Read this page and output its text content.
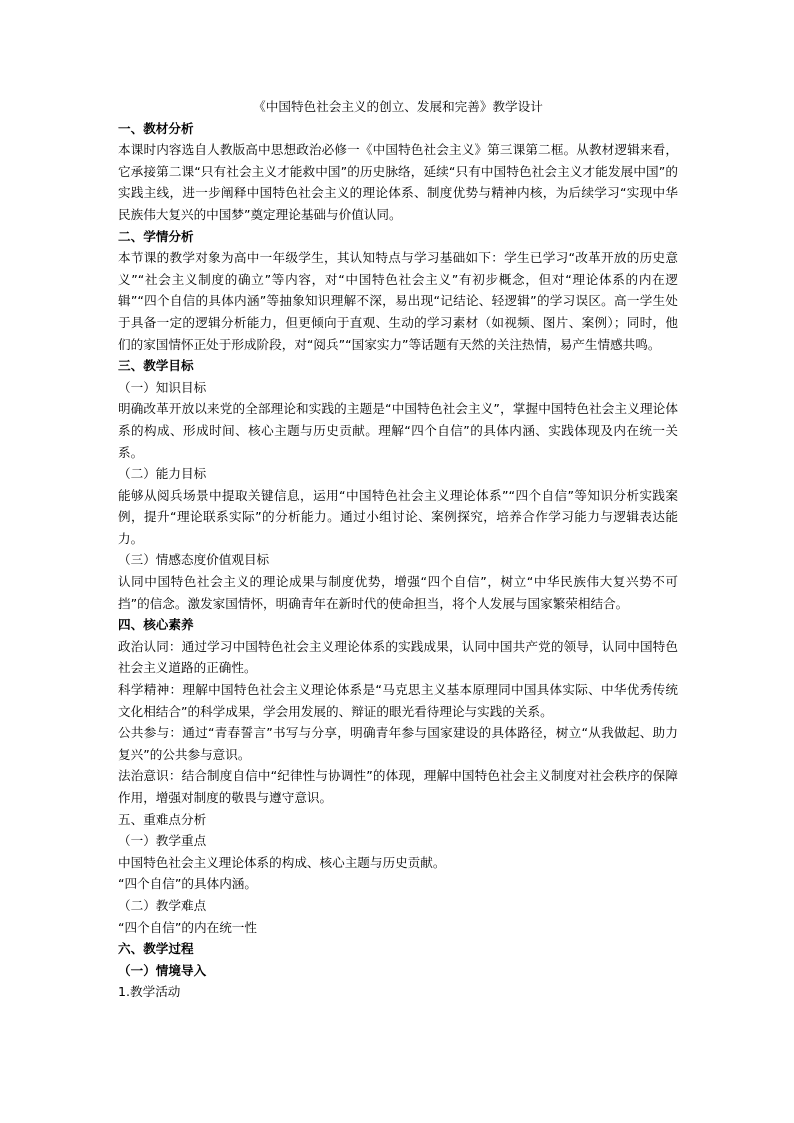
《中国特色社会主义的创立、发展和完善》教学设计

一、教材分析

本课时内容选自人教版高中思想政治必修一《中国特色社会主义》第三课第二框。从教材逻辑来看，它承接第二课“只有社会主义才能救中国”的历史脉络，延续“只有中国特色社会主义才能发展中国”的实践主线，进一步阐释中国特色社会主义的理论体系、制度优势与精神内核，为后续学习“实现中华民族伟大复兴的中国梦”奠定理论基础与价值认同。

二、学情分析

本节课的教学对象为高中一年级学生，其认知特点与学习基础如下：学生已学习“改革开放的历史意义”“社会主义制度的确立”等内容，对“中国特色社会主义”有初步概念，但对“理论体系的内在逻辑”“四个自信的具体内涵”等抽象知识理解不深，易出现“记结论、轻逻辑”的学习误区。高一学生处于具备一定的逻辑分析能力，但更倾向于直观、生动的学习素材（如视频、图片、案例）；同时，他们的家国情怀正处于形成阶段，对“阅兵”“国家实力”等话题有天然的关注热情，易产生情感共鸣。

三、教学目标

（一）知识目标

明确改革开放以来党的全部理论和实践的主题是“中国特色社会主义”，掌握中国特色社会主义理论体系的构成、形成时间、核心主题与历史贡献。理解“四个自信”的具体内涵、实践体现及内在统一关系。

（二）能力目标

能够从阅兵场景中提取关键信息，运用“中国特色社会主义理论体系”“四个自信”等知识分析实践案例，提升“理论联系实际”的分析能力。通过小组讨论、案例探究，培养合作学习能力与逻辑表达能力。

（三）情感态度价值观目标

认同中国特色社会主义的理论成果与制度优势，增强“四个自信”，树立“中华民族伟大复兴势不可挡”的信念。激发家国情怀，明确青年在新时代的使命担当，将个人发展与国家繁荣相结合。

四、核心素养

政治认同：通过学习中国特色社会主义理论体系的实践成果，认同中国共产党的领导，认同中国特色社会主义道路的正确性。

科学精神：理解中国特色社会主义理论体系是“马克思主义基本原理同中国具体实际、中华优秀传统文化相结合”的科学成果，学会用发展的、辩证的眼光看待理论与实践的关系。

公共参与：通过“青春誓言”书写与分享，明确青年参与国家建设的具体路径，树立“从我做起、助力复兴”的公共参与意识。

法治意识：结合制度自信中“纪律性与协调性”的体现，理解中国特色社会主义制度对社会秩序的保障作用，增强对制度的敬畏与遵守意识。

五、重难点分析

（一）教学重点

中国特色社会主义理论体系的构成、核心主题与历史贡献。

“四个自信”的具体内涵。

（二）教学难点

“四个自信”的内在统一性

六、教学过程

（一）情境导入

1.教学活动
